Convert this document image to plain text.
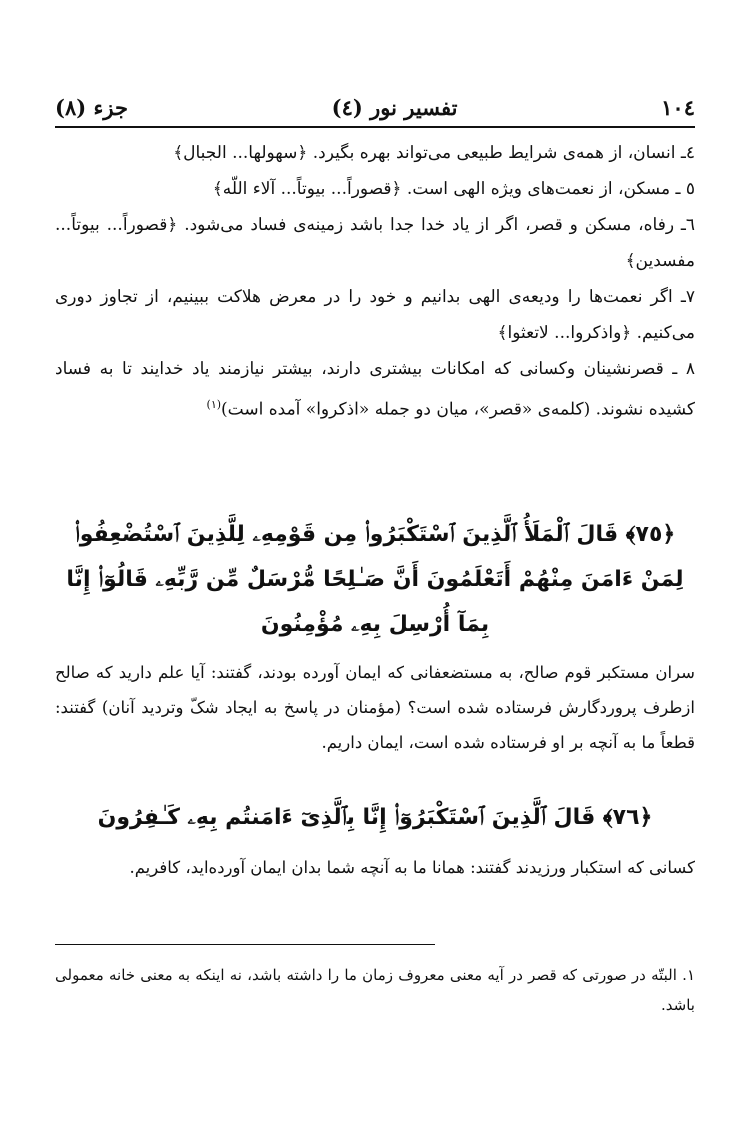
١٠٤
تفسير نور (٤)
جزء (٨)

٤ـ انسان، از همه‌ی شرایط طبیعی می‌تواند بهره بگیرد. ﴿سهولها... الجبال﴾

٥ ـ مسکن، از نعمت‌های ویژه الهی است. ﴿قصوراً... بیوتاً... آلاء اللّه﴾

٦ـ رفاه، مسکن و قصر، اگر از یاد خدا جدا باشد زمینه‌ی فساد می‌شود. ﴿قصوراً... بیوتاً... مفسدین﴾

٧ـ اگر نعمت‌ها را ودیعه‌ی الهی بدانیم و خود را در معرض هلاکت ببینیم، از تجاوز دوری می‌کنیم. ﴿واذکروا... لاتعثوا﴾

٨ ـ قصرنشینان وکسانی که امکانات بیشتری دارند، بیشتر نیازمند یاد خدایند تا به فساد کشیده نشوند. (کلمه‌ی «قصر»، میان دو جمله «اذکروا» آمده است)$^{(١)}$

﴿٧٥﴾ قَالَ ٱلْمَلَأُ ٱلَّذِينَ ٱسْتَكْبَرُوا۟ مِن قَوْمِهِۦ لِلَّذِينَ ٱسْتُضْعِفُوا۟ لِمَنْ ءَامَنَ مِنْهُمْ أَتَعْلَمُونَ أَنَّ صَـٰلِحًا مُّرْسَلٌ مِّن رَّبِّهِۦ قَالُوٓا۟ إِنَّا بِمَآ أُرْسِلَ بِهِۦ مُؤْمِنُونَ
سران مستکبر قوم صالح، به مستضعفانی که ایمان آورده بودند، گفتند: آیا علم دارید که صالح ازطرف پروردگارش فرستاده شده است؟ (مؤمنان در پاسخ به ایجاد شکّ وتردید آنان) گفتند: قطعاً ما به آنچه بر او فرستاده شده است، ایمان داریم.
﴿٧٦﴾ قَالَ ٱلَّذِينَ ٱسْتَكْبَرُوٓا۟ إِنَّا بِٱلَّذِىٓ ءَامَنتُم بِهِۦ كَـٰفِرُونَ
کسانی که استکبار ورزیدند گفتند: همانا ما به آنچه شما بدان ایمان آورده‌اید، کافریم.
١. البتّه در صورتی که قصر در آیه معنی معروف زمان ما را داشته باشد، نه اینکه به معنی خانه معمولی باشد.
